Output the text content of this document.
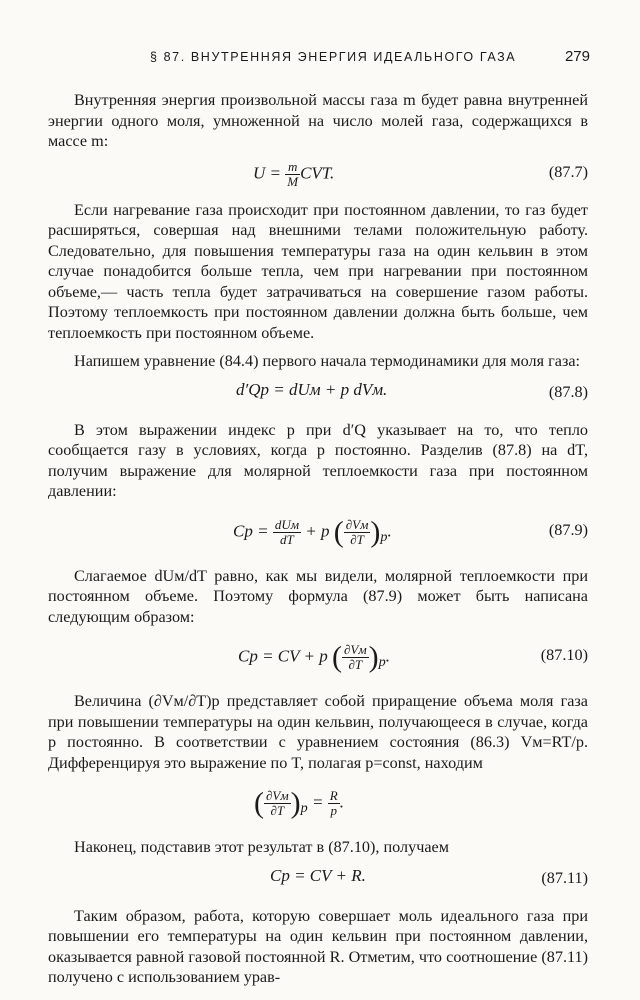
§ 87. ВНУТРЕННЯЯ ЭНЕРГИЯ ИДЕАЛЬНОГО ГАЗА	279

Внутренняя энергия произвольной массы газа m будет равна внутренней энергии одного моля, умноженной на число молей газа, содержащихся в массе m:

$U = \frac{m}{M}$ CVT.	(87.7)

Если нагревание газа происходит при постоянном давлении, то газ будет расширяться, совершая над внешними телами положительную работу. Следовательно, для повышения температуры газа на один кельвин в этом случае понадобится больше тепла, чем при нагревании при постоянном объеме,— часть тепла будет затрачиваться на совершение газом работы. Поэтому теплоемкость при постоянном давлении должна быть больше, чем теплоемкость при постоянном объеме.

Напишем уравнение (84.4) первого начала термодинамики для моля газа:

d′Qp = dUм + p dVм.	(87.8)

В этом выражении индекс p при d′Q указывает на то, что тепло сообщается газу в условиях, когда p постоянно. Разделив (87.8) на dT, получим выражение для молярной теплоемкости газа при постоянном давлении:

$Cp = \frac{\text{dUм}}{dT} + p$ ( $\frac{\partial Vм}{\partial T} )_p$.	(87.9)

Слагаемое dUм/dT равно, как мы видели, молярной теплоемкости при постоянном объеме. Поэтому формула (87.9) может быть написана следующим образом:

Cp = CV + p ( $\frac{\partial Vм}{\partial T} )_p$.	(87.10)

Величина (∂Vм/∂T)p представляет собой приращение объема моля газа при повышении температуры на один кельвин, получающееся в случае, когда p постоянно. В соответствии с уравнением состояния (86.3) Vм=RT/p. Дифференцируя это выражение по T, полагая p=const, находим

( $\frac{\partial Vм}{\partial T} )_p = \frac{R}{p}$ .

Наконец, подставив этот результат в (87.10), получаем

Cp = CV + R.	(87.11)

Таким образом, работа, которую совершает моль идеального газа при повышении его температуры на один кельвин при постоянном давлении, оказывается равной газовой постоянной R. Отметим, что соотношение (87.11) получено с использованием урав-
